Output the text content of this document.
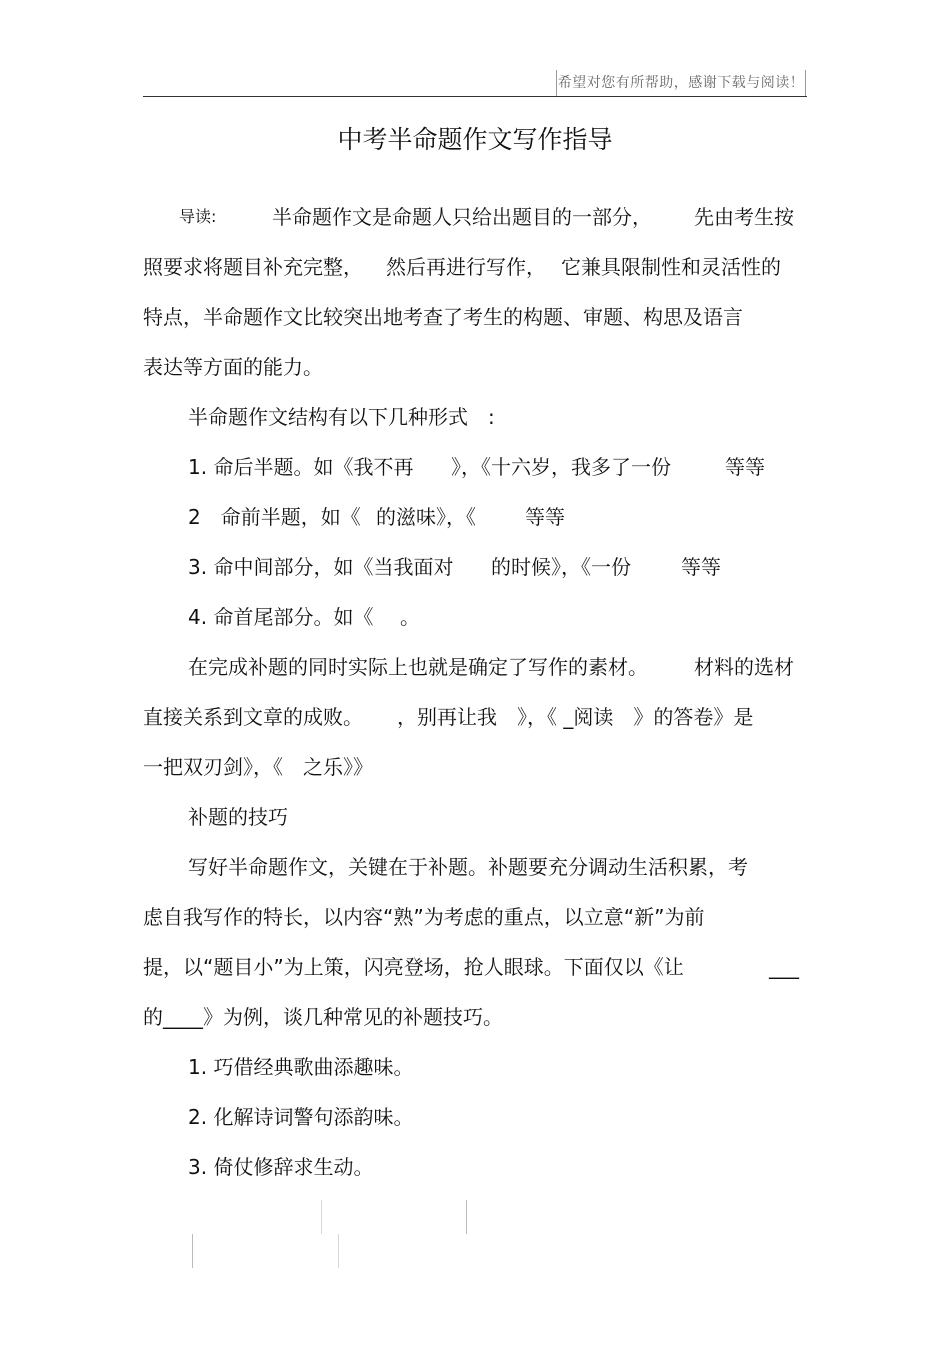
希望对您有所帮助，感谢下载与阅读！
中考半命题作文写作指导
导读:	半命题作文是命题人只给出题目的一部分， 先由考生按
照要求将题目补充完整， 然后再进行写作， 它兼具限制性和灵活性的
特点，半命题作文比较突出地考查了考生的构题、审题、构思及语言
表达等方面的能力。
半命题作文结构有以下几种形式　:
1. 命后半题。如《我不再 》，《十六岁，我多了一份	等等
2　命前半题，如《 的滋味》，《 等等
3. 命中间部分，如《当我面对 的时候》，《一份	等等
4. 命首尾部分。如《 。
在完成补题的同时实际上也就是确定了写作的素材。 材料的选材
直接关系到文章的成败。 ，别再让我　》，《 _阅读　》的答卷》是
一把双刃剑》，《　之乐》》
补题的技巧
写好半命题作文，关键在于补题。补题要充分调动生活积累，考
虑自我写作的特长，以内容“熟”为考虑的重点，以立意“新”为前
提，以“题目小”为上策，闪亮登场，抢人眼球。下面仅以《让	___
的____》为例，谈几种常见的补题技巧。
1. 巧借经典歌曲添趣味。
2. 化解诗词警句添韵味。
3. 倚仗修辞求生动。
